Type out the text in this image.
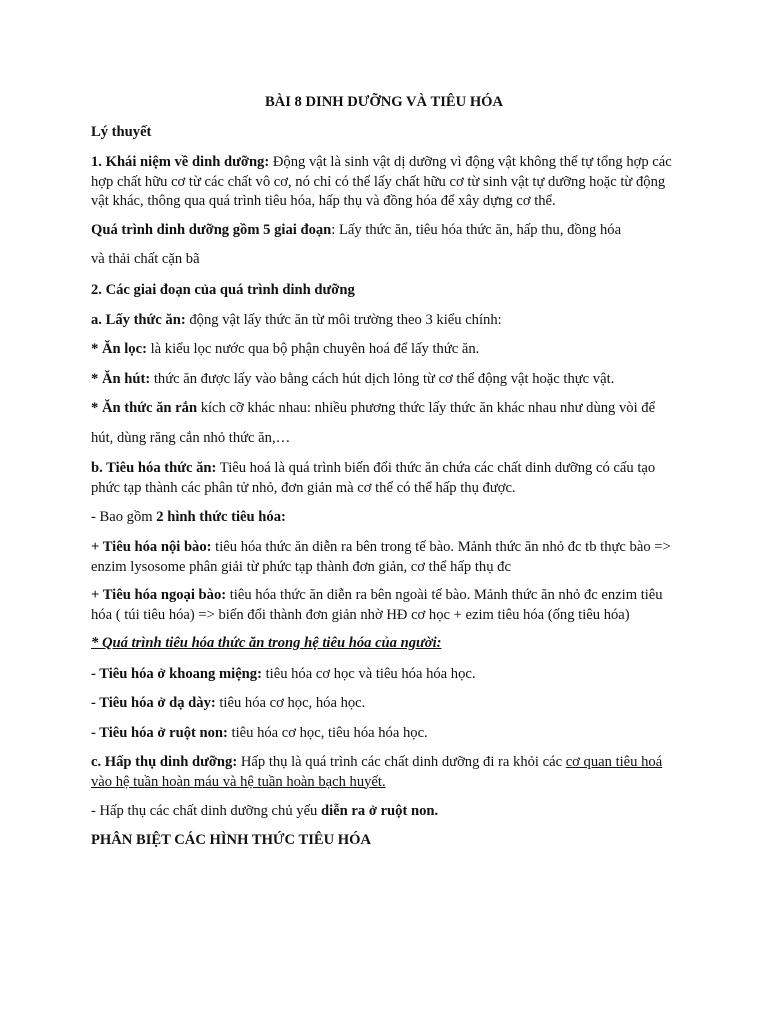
BÀI 8 DINH DƯỠNG VÀ TIÊU HÓA

Lý thuyết

1. Khái niệm về dinh dưỡng: Động vật là sinh vật dị dưỡng vì động vật không thể tự tổng hợp các hợp chất hữu cơ từ các chất vô cơ, nó chỉ có thể lấy chất hữu cơ từ sinh vật tự dưỡng hoặc từ động vật khác, thông qua quá trình tiêu hóa, hấp thụ và đồng hóa để xây dựng cơ thể.

Quá trình dinh dưỡng gồm 5 giai đoạn: Lấy thức ăn, tiêu hóa thức ăn, hấp thu, đồng hóa

và thải chất cặn bã

2. Các giai đoạn của quá trình dinh dưỡng

a. Lấy thức ăn: động vật lấy thức ăn từ môi trường theo 3 kiểu chính:

* Ăn lọc: là kiểu lọc nước qua bộ phận chuyên hoá để lấy thức ăn.

* Ăn hút: thức ăn được lấy vào bằng cách hút dịch lỏng từ cơ thể động vật hoặc thực vật.

* Ăn thức ăn rắn kích cỡ khác nhau: nhiều phương thức lấy thức ăn khác nhau như dùng vòi để

hút, dùng răng cắn nhỏ thức ăn,…

b. Tiêu hóa thức ăn: Tiêu hoá là quá trình biến đổi thức ăn chứa các chất dinh dưỡng có cấu tạo phức tạp thành các phân tử nhỏ, đơn giản mà cơ thể có thể hấp thụ được.

- Bao gồm 2 hình thức tiêu hóa:

+ Tiêu hóa nội bào: tiêu hóa thức ăn diễn ra bên trong tế bào. Mảnh thức ăn nhỏ đc tb thực bào => enzim lysosome phân giải từ phức tạp thành đơn giản, cơ thể hấp thụ đc

+ Tiêu hóa ngoại bào: tiêu hóa thức ăn diễn ra bên ngoài tế bào. Mảnh thức ăn nhỏ đc enzim tiêu hóa ( túi tiêu hóa) => biến đổi thành đơn giản nhờ HĐ cơ học + ezim tiêu hóa (ống tiêu hóa)

* Quá trình tiêu hóa thức ăn trong hệ tiêu hóa của người:

- Tiêu hóa ở khoang miệng: tiêu hóa cơ học và tiêu hóa hóa học.

- Tiêu hóa ở dạ dày: tiêu hóa cơ học, hóa học.

- Tiêu hóa ở ruột non: tiêu hóa cơ học, tiêu hóa hóa học.

c. Hấp thụ dinh dưỡng: Hấp thụ là quá trình các chất dinh dưỡng đi ra khỏi các cơ quan tiêu hoá vào hệ tuần hoàn máu và hệ tuần hoàn bạch huyết.

- Hấp thụ các chất dinh dưỡng chủ yếu diễn ra ở ruột non.

PHÂN BIỆT CÁC HÌNH THỨC TIÊU HÓA
